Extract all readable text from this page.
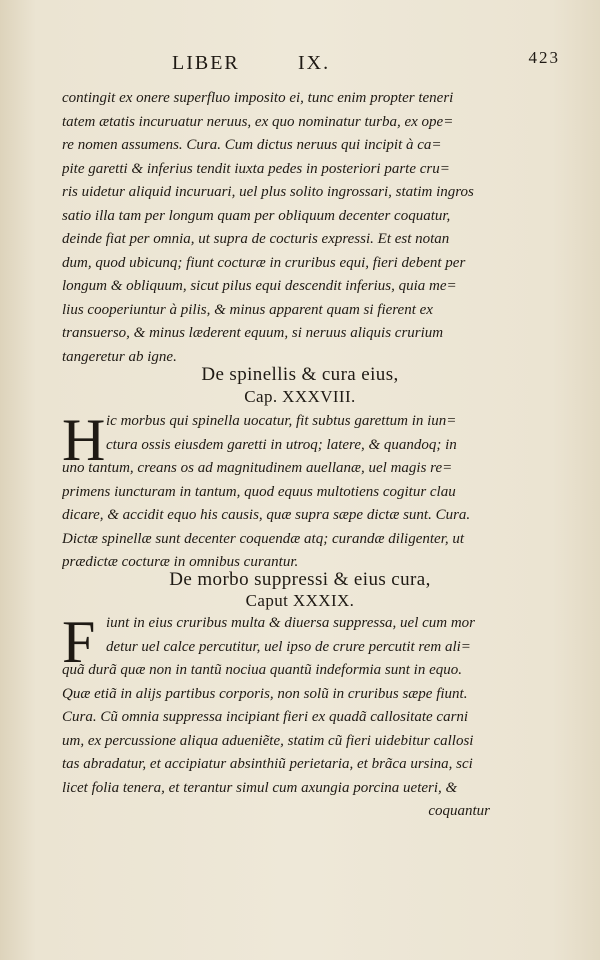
LIBER	IX.	423
contingit ex onere superfluo imposito ei, tunc enim propter teneri
tatem ætatis incuruatur neruus, ex quo nominatur turba, ex ope=
re nomen assumens. Cura. Cum dictus neruus qui incipit à ca=
pite garetti & inferius tendit iuxta pedes in posteriori parte cru=
ris uidetur aliquid incuruari, uel plus solito ingrossari, statim ingros
satio illa tam per longum quam per obliquum decenter coquatur,
deinde fiat per omnia, ut supra de cocturis expressi. Et est notan
dum, quod ubicunq; fiunt cocturæ in cruribus equi, fieri debent per
longum & obliquum, sicut pilus equi descendit inferius, quia me=
lius cooperiuntur à pilis, & minus apparent quam si fierent ex
transuerso, & minus læderent equum, si neruus aliquis crurium
tangeretur ab igne.
De spinellis & cura eius,
Cap. XXXVIII.
H ic morbus qui spinella uocatur, fit subtus garettum in iun=
ctura ossis eiusdem garetti in utroq; latere, & quandoq; in
uno tantum, creans os ad magnitudinem auellanæ, uel magis re=
primens iuncturam in tantum, quod equus multotiens cogitur clau
dicare, & accidit equo his causis, quæ supra sæpe dictæ sunt. Cura.
Dictæ spinellæ sunt decenter coquendæ atq; curandæ diligenter, ut
prædictæ cocturæ in omnibus curantur.
De morbo suppressi & eius cura,
Caput XXXIX.
F iunt in eius cruribus multa & diuersa suppressa, uel cum mor
detur uel calce percutitur, uel ipso de crure percutit rem ali=
quã durã quæ non in tantũ nociua quantũ indeformia sunt in equo.
Quæ etiã in alijs partibus corporis, non solũ in cruribus sæpe fiunt.
Cura. Cũ omnia suppressa incipiant fieri ex quadã callositate carni
um, ex percussione aliqua adueniẽte, statim cũ fieri uidebitur callosi
tas abradatur, et accipiatur absinthiũ perietaria, et brãca ursina, sci
licet folia tenera, et terantur simul cum axungia porcina ueteri, &
coquantur
